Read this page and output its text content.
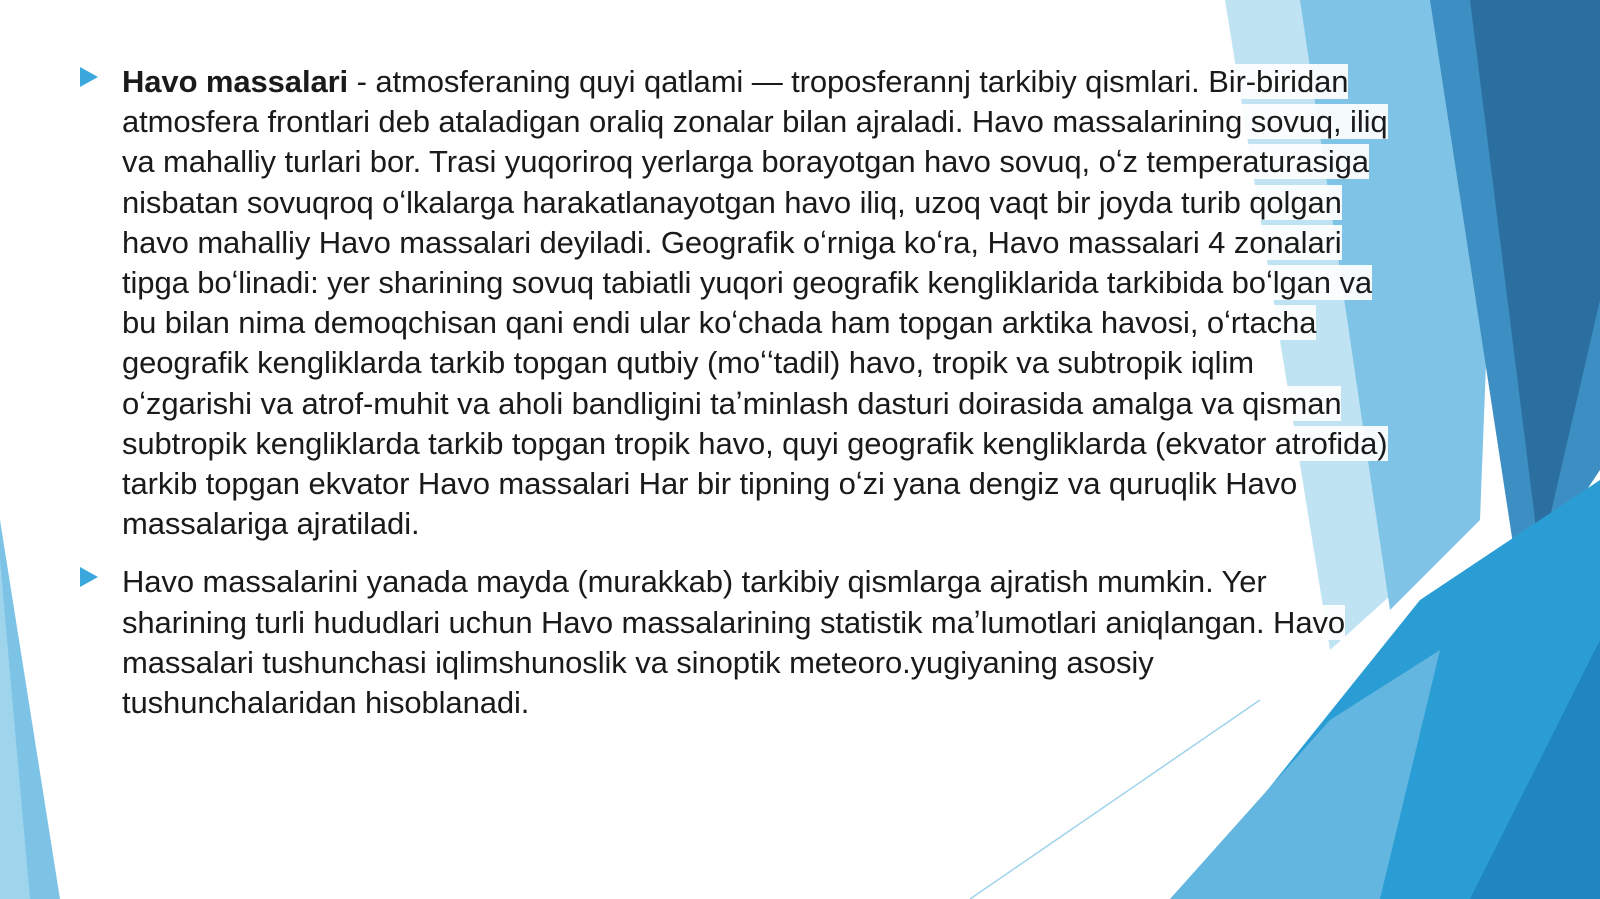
Havo massalari - atmosferaning quyi qatlami — troposferannj tarkibiy qismlari. Bir-biridan atmosfera frontlari deb ataladigan oraliq zonalar bilan ajraladi. Havo massalarining sovuq, iliq va mahalliy turlari bor. Trasi yuqoriroq yerlarga borayotgan havo sovuq, oʻz temperaturasiga nisbatan sovuqroq oʻlkalarga harakatlanayotgan havo iliq, uzoq vaqt bir joyda turib qolgan havo mahalliy Havo massalari deyiladi. Geografik oʻrniga koʻra, Havo massalari 4 zonalari tipga boʻlinadi: yer sharining sovuq tabiatli yuqori geografik kengliklarida tarkibida boʻlgan va bu bilan nima demoqchisan qani endi ular koʻchada ham topgan arktika havosi, oʻrtacha geografik kengliklarda tarkib topgan qutbiy (moʻʻtadil) havo, tropik va subtropik iqlim oʻzgarishi va atrof-muhit va aholi bandligini taʼminlash dasturi doirasida amalga va qisman subtropik kengliklarda tarkib topgan tropik havo, quyi geografik kengliklarda (ekvator atrofida) tarkib topgan ekvator Havo massalari Har bir tipning oʻzi yana dengiz va quruqlik Havo massalariga ajratiladi.
Havo massalarini yanada mayda (murakkab) tarkibiy qismlarga ajratish mumkin. Yer sharining turli hududlari uchun Havo massalarining statistik maʼlumotlari aniqlangan. Havo massalari tushunchasi iqlimshunoslik va sinoptik meteoro.yugiyaning asosiy tushunchalaridan hisoblanadi.
